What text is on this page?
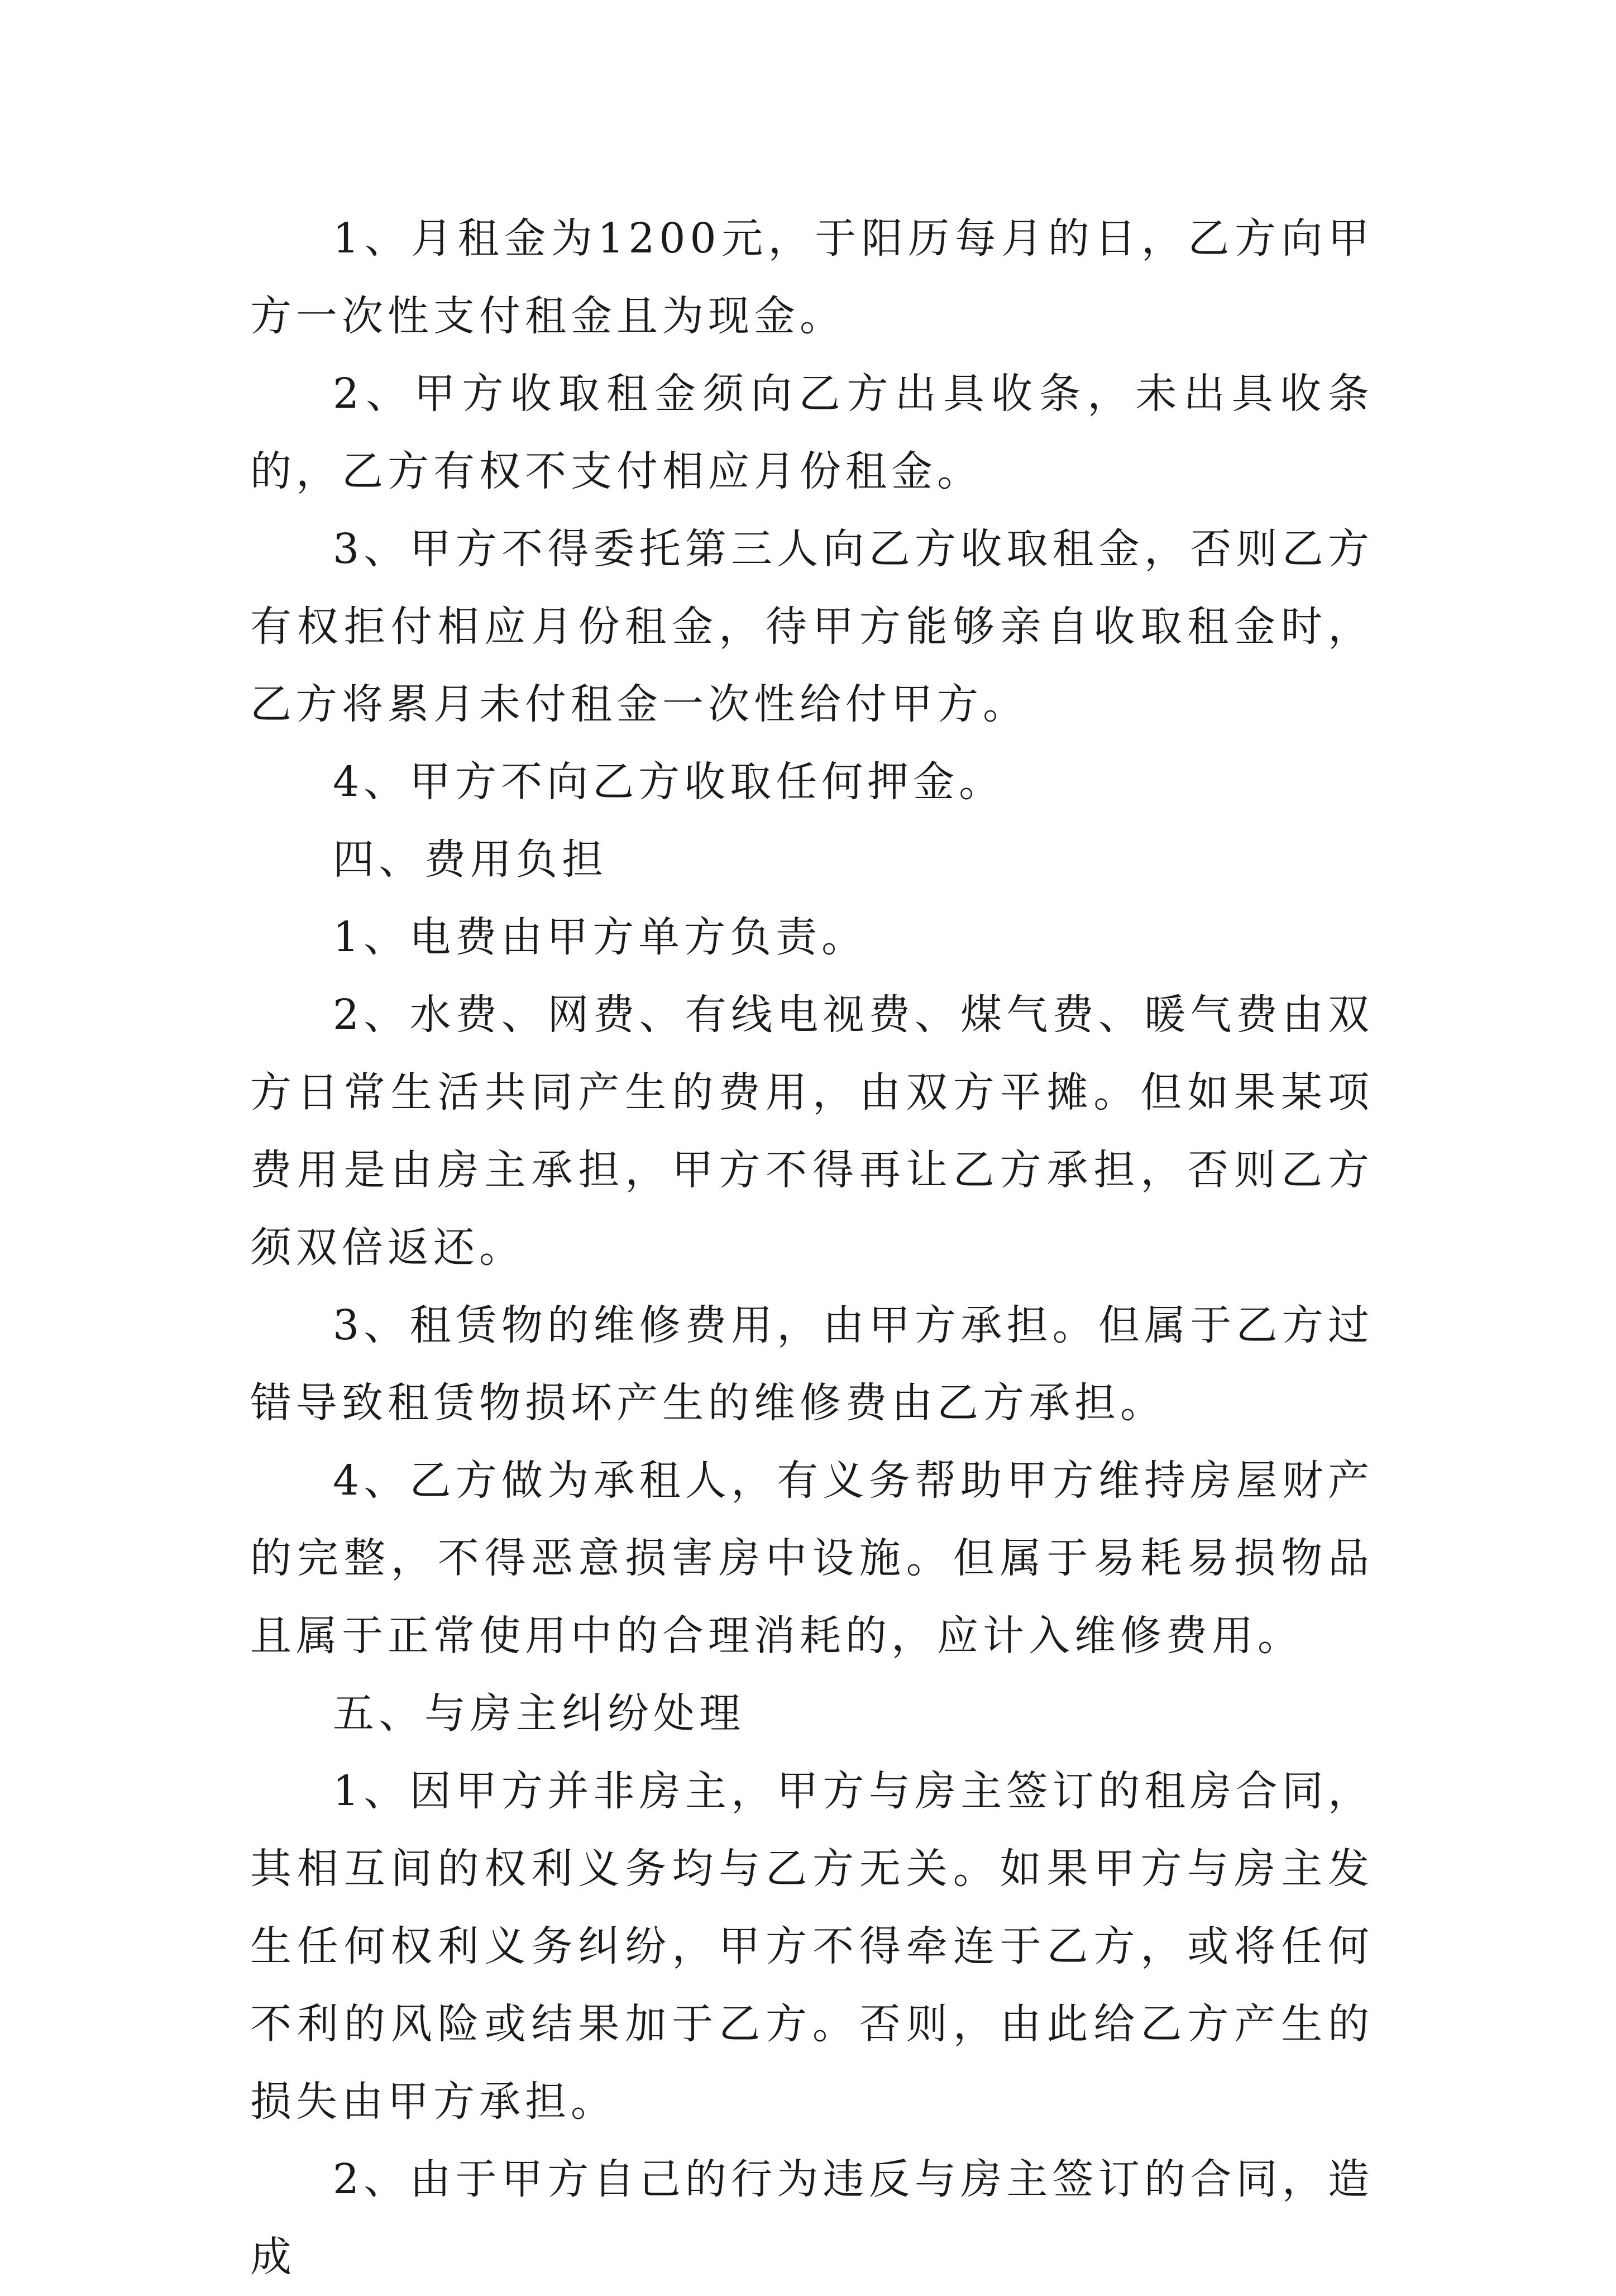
1、月租金为1200元，于阳历每月的日，乙方向甲方一次性支付租金且为现金。

2、甲方收取租金须向乙方出具收条，未出具收条的，乙方有权不支付相应月份租金。

3、甲方不得委托第三人向乙方收取租金，否则乙方有权拒付相应月份租金，待甲方能够亲自收取租金时，乙方将累月未付租金一次性给付甲方。

4、甲方不向乙方收取任何押金。

四、费用负担

1、电费由甲方单方负责。

2、水费、网费、有线电视费、煤气费、暖气费由双方日常生活共同产生的费用，由双方平摊。但如果某项费用是由房主承担，甲方不得再让乙方承担，否则乙方须双倍返还。

3、租赁物的维修费用，由甲方承担。但属于乙方过错导致租赁物损坏产生的维修费由乙方承担。

4、乙方做为承租人，有义务帮助甲方维持房屋财产的完整，不得恶意损害房中设施。但属于易耗易损物品且属于正常使用中的合理消耗的，应计入维修费用。

五、与房主纠纷处理

1、因甲方并非房主，甲方与房主签订的租房合同，其相互间的权利义务均与乙方无关。如果甲方与房主发生任何权利义务纠纷，甲方不得牵连于乙方，或将任何不利的风险或结果加于乙方。否则，由此给乙方产生的损失由甲方承担。

2、由于甲方自己的行为违反与房主签订的合同，造成
